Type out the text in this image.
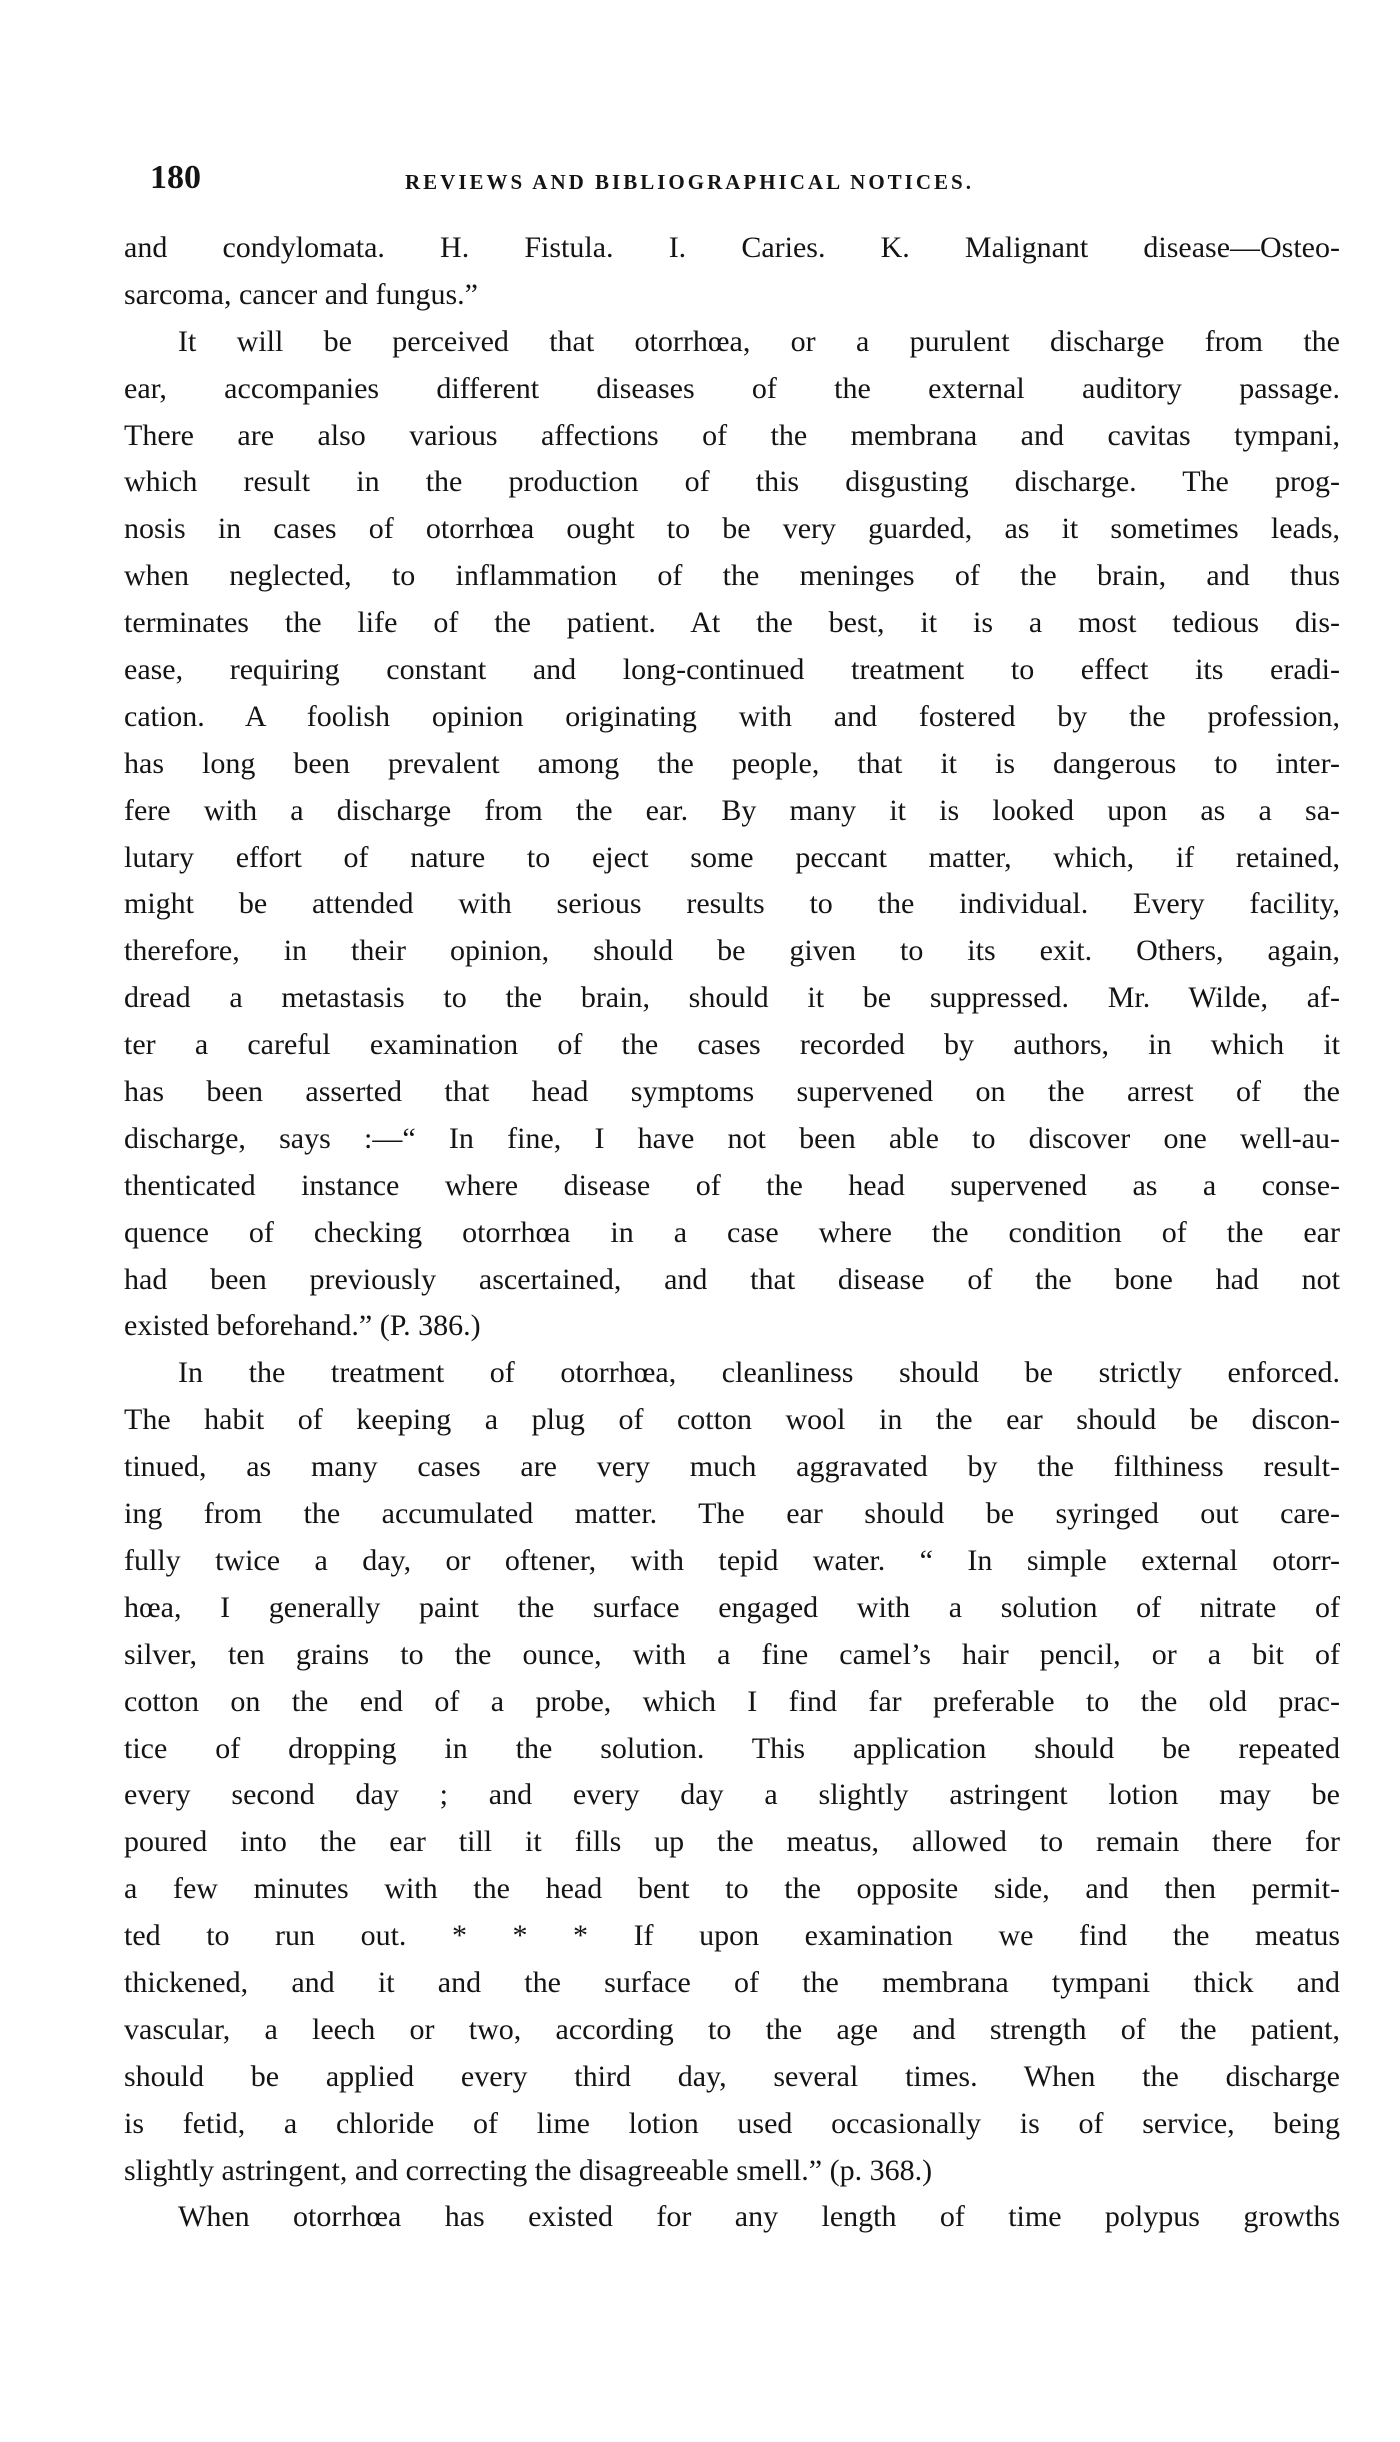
180	REVIEWS AND BIBLIOGRAPHICAL NOTICES.
and condylomata. H. Fistula. I. Caries. K. Malignant disease—Osteo-
sarcoma, cancer and fungus.”
It will be perceived that otorrhœa, or a purulent discharge from the
ear, accompanies different diseases of the external auditory passage.
There are also various affections of the membrana and cavitas tympani,
which result in the production of this disgusting discharge. The prog-
nosis in cases of otorrhœa ought to be very guarded, as it sometimes leads,
when neglected, to inflammation of the meninges of the brain, and thus
terminates the life of the patient. At the best, it is a most tedious dis-
ease, requiring constant and long-continued treatment to effect its eradi-
cation. A foolish opinion originating with and fostered by the profession,
has long been prevalent among the people, that it is dangerous to inter-
fere with a discharge from the ear. By many it is looked upon as a sa-
lutary effort of nature to eject some peccant matter, which, if retained,
might be attended with serious results to the individual. Every facility,
therefore, in their opinion, should be given to its exit. Others, again,
dread a metastasis to the brain, should it be suppressed. Mr. Wilde, af-
ter a careful examination of the cases recorded by authors, in which it
has been asserted that head symptoms supervened on the arrest of the
discharge, says :—“ In fine, I have not been able to discover one well-au-
thenticated instance where disease of the head supervened as a conse-
quence of checking otorrhœa in a case where the condition of the ear
had been previously ascertained, and that disease of the bone had not
existed beforehand.” (P. 386.)
In the treatment of otorrhœa, cleanliness should be strictly enforced.
The habit of keeping a plug of cotton wool in the ear should be discon-
tinued, as many cases are very much aggravated by the filthiness result-
ing from the accumulated matter. The ear should be syringed out care-
fully twice a day, or oftener, with tepid water. “ In simple external otorr-
hœa, I generally paint the surface engaged with a solution of nitrate of
silver, ten grains to the ounce, with a fine camel’s hair pencil, or a bit of
cotton on the end of a probe, which I find far preferable to the old prac-
tice of dropping in the solution. This application should be repeated
every second day ; and every day a slightly astringent lotion may be
poured into the ear till it fills up the meatus, allowed to remain there for
a few minutes with the head bent to the opposite side, and then permit-
ted to run out. * * * If upon examination we find the meatus
thickened, and it and the surface of the membrana tympani thick and
vascular, a leech or two, according to the age and strength of the patient,
should be applied every third day, several times. When the discharge
is fetid, a chloride of lime lotion used occasionally is of service, being
slightly astringent, and correcting the disagreeable smell.” (p. 368.)
When otorrhœa has existed for any length of time polypus growths
